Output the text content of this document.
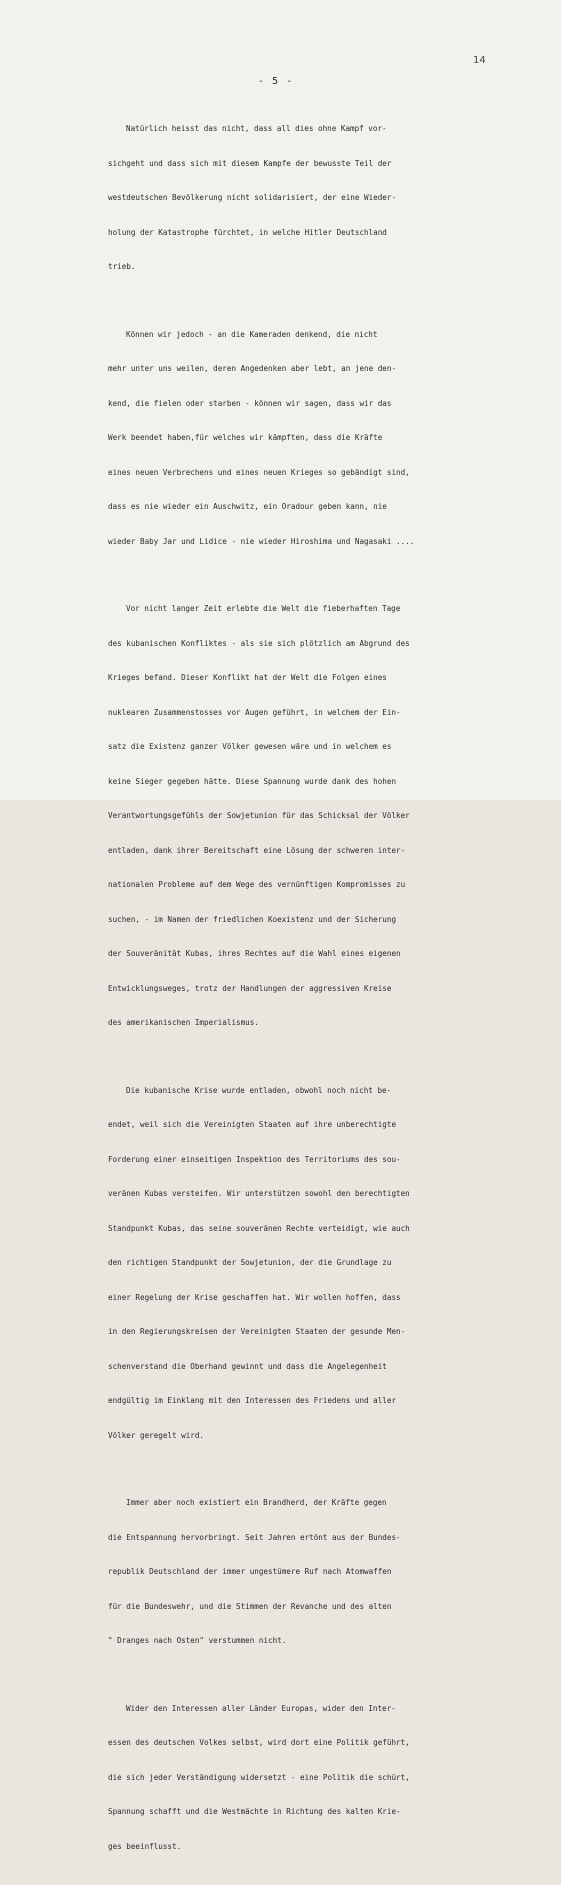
14
- 5 -

Natürlich heisst das nicht, dass all dies ohne Kampf vor-

sichgeht und dass sich mit diesem Kampfe der bewusste Teil der

westdeutschen Bevölkerung nicht solidarisiert, der eine Wieder-

holung der Katastrophe fürchtet, in welche Hitler Deutschland

trieb.

Können wir jedoch - an die Kameraden denkend, die nicht

mehr unter uns weilen, deren Angedenken aber lebt, an jene den-

kend, die fielen oder starben - können wir sagen, dass wir das

Werk beendet haben,für welches wir kämpften, dass die Kräfte

eines neuen Verbrechens und eines neuen Krieges so gebändigt sind,

dass es nie wieder ein Auschwitz, ein Oradour geben kann, nie

wieder Baby Jar und Lidice - nie wieder Hiroshima und Nagasaki ....

Vor nicht langer Zeit erlebte die Welt die fieberhaften Tage

des kubanischen Konfliktes - als sie sich plötzlich am Abgrund des

Krieges befand. Dieser Konflikt hat der Welt die Folgen eines

nuklearen Zusammenstosses vor Augen geführt, in welchem der Ein-

satz die Existenz ganzer Völker gewesen wäre und in welchem es

keine Sieger gegeben hätte. Diese Spannung wurde dank des hohen

Verantwortungsgefühls der Sowjetunion für das Schicksal der Völker

entladen, dank ihrer Bereitschaft eine Lösung der schweren inter-

nationalen Probleme auf dem Wege des vernünftigen Kompromisses zu

suchen, - im Namen der friedlichen Koexistenz und der Sicherung

der Souveränität Kubas, ihres Rechtes auf die Wahl eines eigenen

Entwicklungsweges, trotz der Handlungen der aggressiven Kreise

des amerikanischen Imperialismus.

Die kubanische Krise wurde entladen, obwohl noch nicht be-

endet, weil sich die Vereinigten Staaten auf ihre unberechtigte

Forderung einer einseitigen Inspektion des Territoriums des sou-

veränen Kubas versteifen. Wir unterstützen sowohl den berechtigten

Standpunkt Kubas, das seine souveränen Rechte verteidigt, wie auch

den richtigen Standpunkt der Sowjetunion, der die Grundlage zu

einer Regelung der Krise geschaffen hat. Wir wollen hoffen, dass

in den Regierungskreisen der Vereinigten Staaten der gesunde Men-

schenverstand die Oberhand gewinnt und dass die Angelegenheit

endgültig im Einklang mit den Interessen des Friedens und aller

Völker geregelt wird.

Immer aber noch existiert ein Brandherd, der Kräfte gegen

die Entspannung hervorbringt. Seit Jahren ertönt aus der Bundes-

republik Deutschland der immer ungestümere Ruf nach Atomwaffen

für die Bundeswehr, und die Stimmen der Revanche und des alten

" Dranges nach Osten" verstummen nicht.

Wider den Interessen aller Länder Europas, wider den Inter-

essen des deutschen Volkes selbst, wird dort eine Politik geführt,

die sich jeder Verständigung widersetzt - eine Politik die schürt,

Spannung schafft und die Westmächte in Richtung des kalten Krie-

ges beeinflusst.
